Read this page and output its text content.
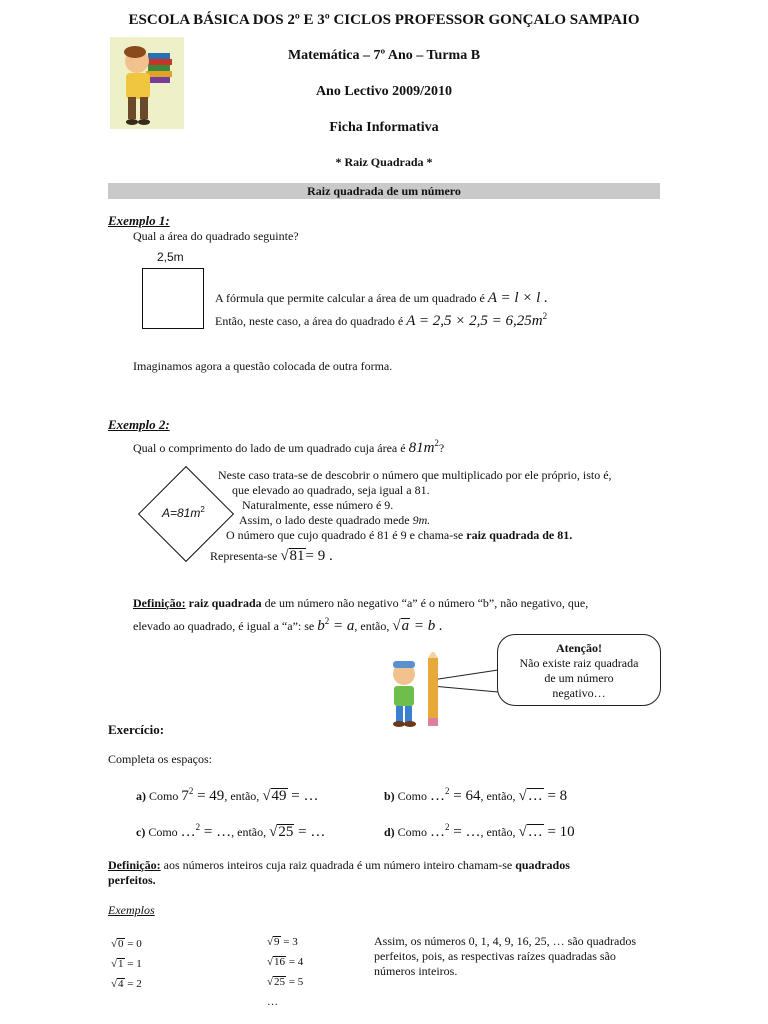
ESCOLA BÁSICA DOS 2º E 3º CICLOS PROFESSOR GONÇALO SAMPAIO
Matemática – 7º Ano – Turma B
Ano Lectivo 2009/2010
Ficha Informativa
* Raiz Quadrada *
Raiz quadrada de um número
Exemplo 1:
Qual a área do quadrado seguinte?
2,5m
A fórmula que permite calcular a área de um quadrado é A = l × l .
Então, neste caso, a área do quadrado é $A = 2,5 \times 2,5 = 6,25m^2$
Imaginamos agora a questão colocada de outra forma.
Exemplo 2:
Qual o comprimento do lado de um quadrado cuja área é $81m^2$?
$A=81m^2$
Neste caso trata-se de descobrir o número que multiplicado por ele próprio, isto é,
que elevado ao quadrado, seja igual a 81.
Naturalmente, esse número é 9.
Assim, o lado deste quadrado mede 9m.
O número que cujo quadrado é 81 é 9 e chama-se raiz quadrada de 81.
Representa-se √81= 9 .
Definição: raiz quadrada de um número não negativo “a” é o número “b”, não negativo, que,
elevado ao quadrado, é igual a “a”: se $b^2 = a$, então, √a = b .
Atenção!
Não existe raiz quadrada
de um número
negativo…
Exercício:
Completa os espaços:
a) Como $7^2 = 49$, então, √49 = …	b) Como …$^2$ = 64, então, √… = 8
c) Como …$^2$ = …, então, √25 = …	d) Como …$^2$ = …, então, √… = 10
Definição: aos números inteiros cuja raiz quadrada é um número inteiro chamam-se quadrados
perfeitos.
Exemplos
√0 = 0
√1 = 1
√4 = 2
√9 = 3
√16 = 4
√25 = 5
…
Assim, os números 0, 1, 4, 9, 16, 25, … são quadrados
perfeitos, pois, as respectivas raízes quadradas são
números inteiros.
